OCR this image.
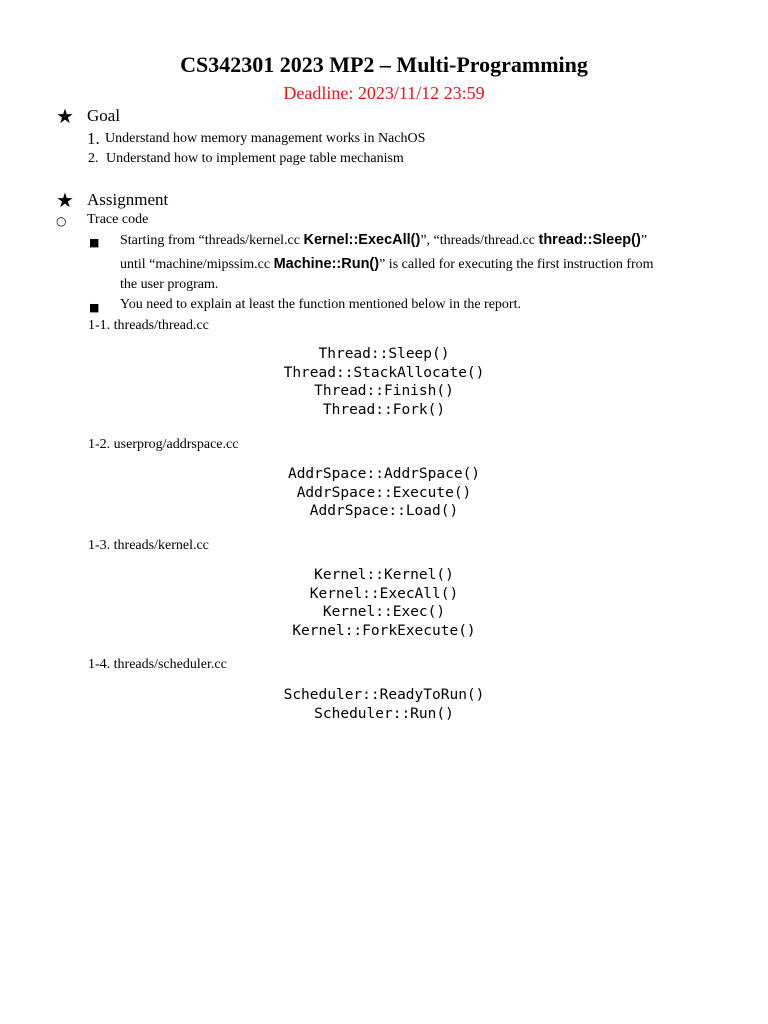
CS342301 2023 MP2 – Multi-Programming
Deadline: 2023/11/12 23:59
★ Goal
1. Understand how memory management works in NachOS
2. Understand how to implement page table mechanism
★ Assignment
○ Trace code
■ Starting from “threads/kernel.cc Kernel::ExecAll()”, “threads/thread.cc thread::Sleep()”
until “machine/mipssim.cc Machine::Run()” is called for executing the first instruction from
the user program.
■ You need to explain at least the function mentioned below in the report.
1-1. threads/thread.cc
Thread::Sleep()
Thread::StackAllocate()
Thread::Finish()
Thread::Fork()
1-2. userprog/addrspace.cc
AddrSpace::AddrSpace()
AddrSpace::Execute()
AddrSpace::Load()
1-3. threads/kernel.cc
Kernel::Kernel()
Kernel::ExecAll()
Kernel::Exec()
Kernel::ForkExecute()
1-4. threads/scheduler.cc
Scheduler::ReadyToRun()
Scheduler::Run()
